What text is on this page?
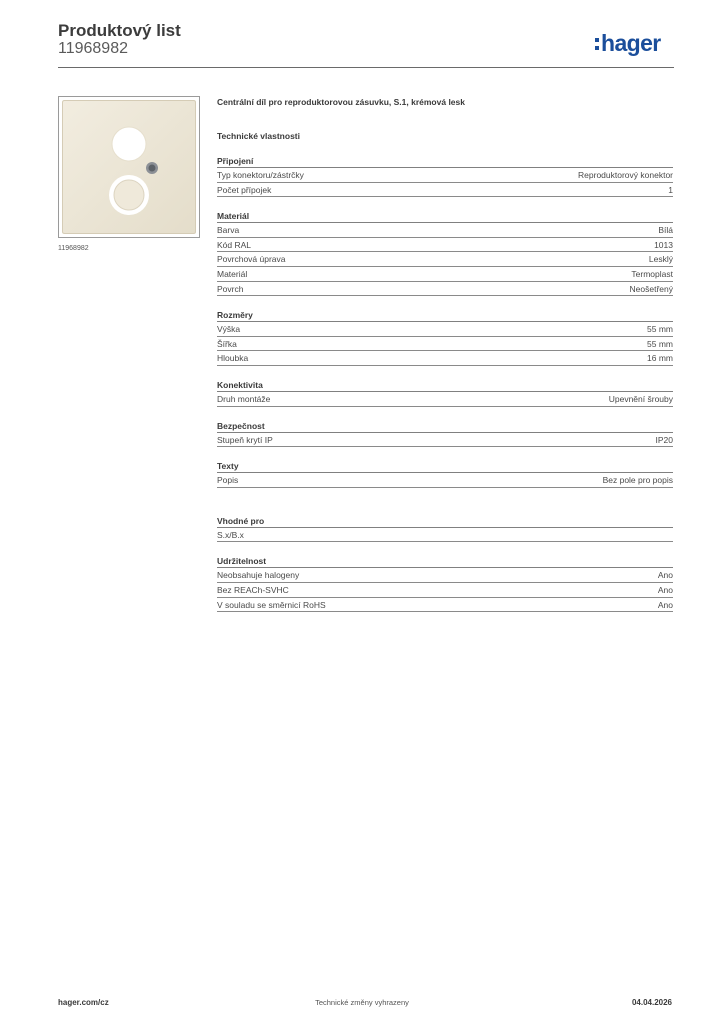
Produktový list
11968982	hager
11968982
Centrální díl pro reproduktorovou zásuvku, S.1, krémová lesk
Technické vlastnosti
Připojení
Typ konektoru/zástrčky	Reproduktorový konektor
Počet přípojek	1
Materiál
Barva	Bílá
Kód RAL	1013
Povrchová úprava	Lesklý
Materiál	Termoplast
Povrch	Neošetřený
Rozměry
Výška	55 mm
Šířka	55 mm
Hloubka	16 mm
Konektivita
Druh montáže	Upevnění šrouby
Bezpečnost
Stupeň krytí IP	IP20
Texty
Popis	Bez pole pro popis
Vhodné pro
S.x/B.x
Udržitelnost
Neobsahuje halogeny	Ano
Bez REACh-SVHC	Ano
V souladu se směrnicí RoHS	Ano
hager.com/cz	Technické změny vyhrazeny	04.04.2026
